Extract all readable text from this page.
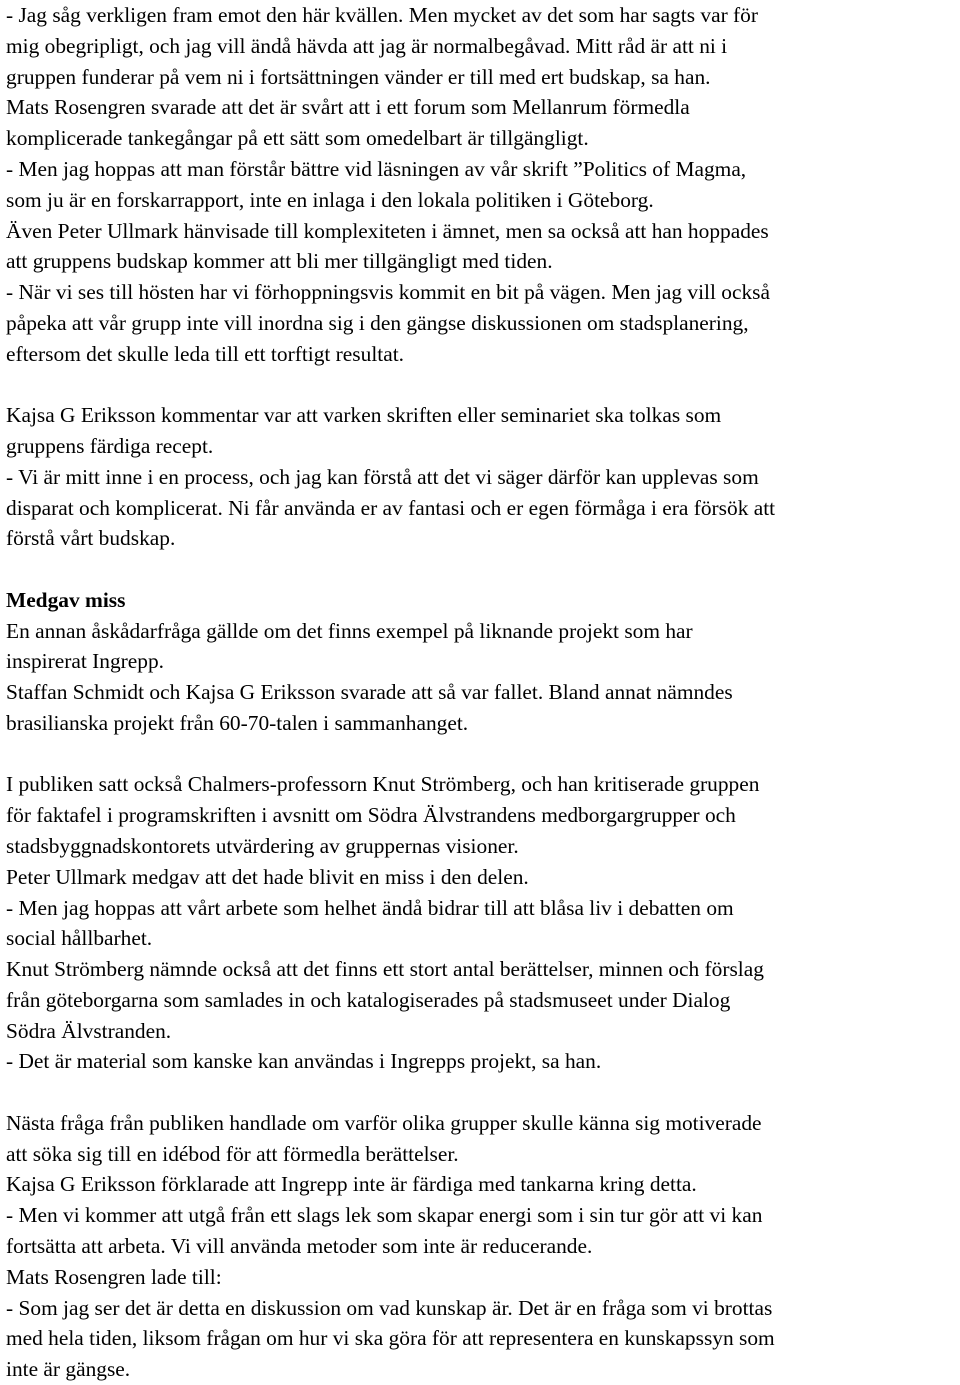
- Jag såg verkligen fram emot den här kvällen. Men mycket av det som har sagts var för
mig obegripligt, och jag vill ändå hävda att jag är normalbegåvad. Mitt råd är att ni i
gruppen funderar på vem ni i fortsättningen vänder er till med ert budskap, sa han.
Mats Rosengren svarade att det är svårt att i ett forum som Mellanrum förmedla
komplicerade tankegångar på ett sätt som omedelbart är tillgängligt.
- Men jag hoppas att man förstår bättre vid läsningen av vår skrift ”Politics of Magma,
som ju är en forskarrapport, inte en inlaga i den lokala politiken i Göteborg.
Även Peter Ullmark hänvisade till komplexiteten i ämnet, men sa också att han hoppades
att gruppens budskap kommer att bli mer tillgängligt med tiden.
- När vi ses till hösten har vi förhoppningsvis kommit en bit på vägen. Men jag vill också
påpeka att vår grupp inte vill inordna sig i den gängse diskussionen om stadsplanering,
eftersom det skulle leda till ett torftigt resultat.
Kajsa G Eriksson kommentar var att varken skriften eller seminariet ska tolkas som
gruppens färdiga recept.
- Vi är mitt inne i en process, och jag kan förstå att det vi säger därför kan upplevas som
disparat och komplicerat. Ni får använda er av fantasi och er egen förmåga i era försök att
förstå vårt budskap.
Medgav miss
En annan åskådarfråga gällde om det finns exempel på liknande projekt som har
inspirerat Ingrepp.
Staffan Schmidt och Kajsa G Eriksson svarade att så var fallet. Bland annat nämndes
brasilianska projekt från 60-70-talen i sammanhanget.
I publiken satt också Chalmers-professorn Knut Strömberg, och han kritiserade gruppen
för faktafel i programskriften i avsnitt om Södra Älvstrandens medborgargrupper och
stadsbyggnadskontorets utvärdering av gruppernas visioner.
Peter Ullmark medgav att det hade blivit en miss i den delen.
- Men jag hoppas att vårt arbete som helhet ändå bidrar till att blåsa liv i debatten om
social hållbarhet.
Knut Strömberg nämnde också att det finns ett stort antal berättelser, minnen och förslag
från göteborgarna som samlades in och katalogiserades på stadsmuseet under Dialog
Södra Älvstranden.
- Det är material som kanske kan användas i Ingrepps projekt, sa han.
Nästa fråga från publiken handlade om varför olika grupper skulle känna sig motiverade
att söka sig till en idébod för att förmedla berättelser.
Kajsa G Eriksson förklarade att Ingrepp inte är färdiga med tankarna kring detta.
- Men vi kommer att utgå från ett slags lek som skapar energi som i sin tur gör att vi kan
fortsätta att arbeta. Vi vill använda metoder som inte är reducerande.
Mats Rosengren lade till:
- Som jag ser det är detta en diskussion om vad kunskap är. Det är en fråga som vi brottas
med hela tiden, liksom frågan om hur vi ska göra för att representera en kunskapssyn som
inte är gängse.
